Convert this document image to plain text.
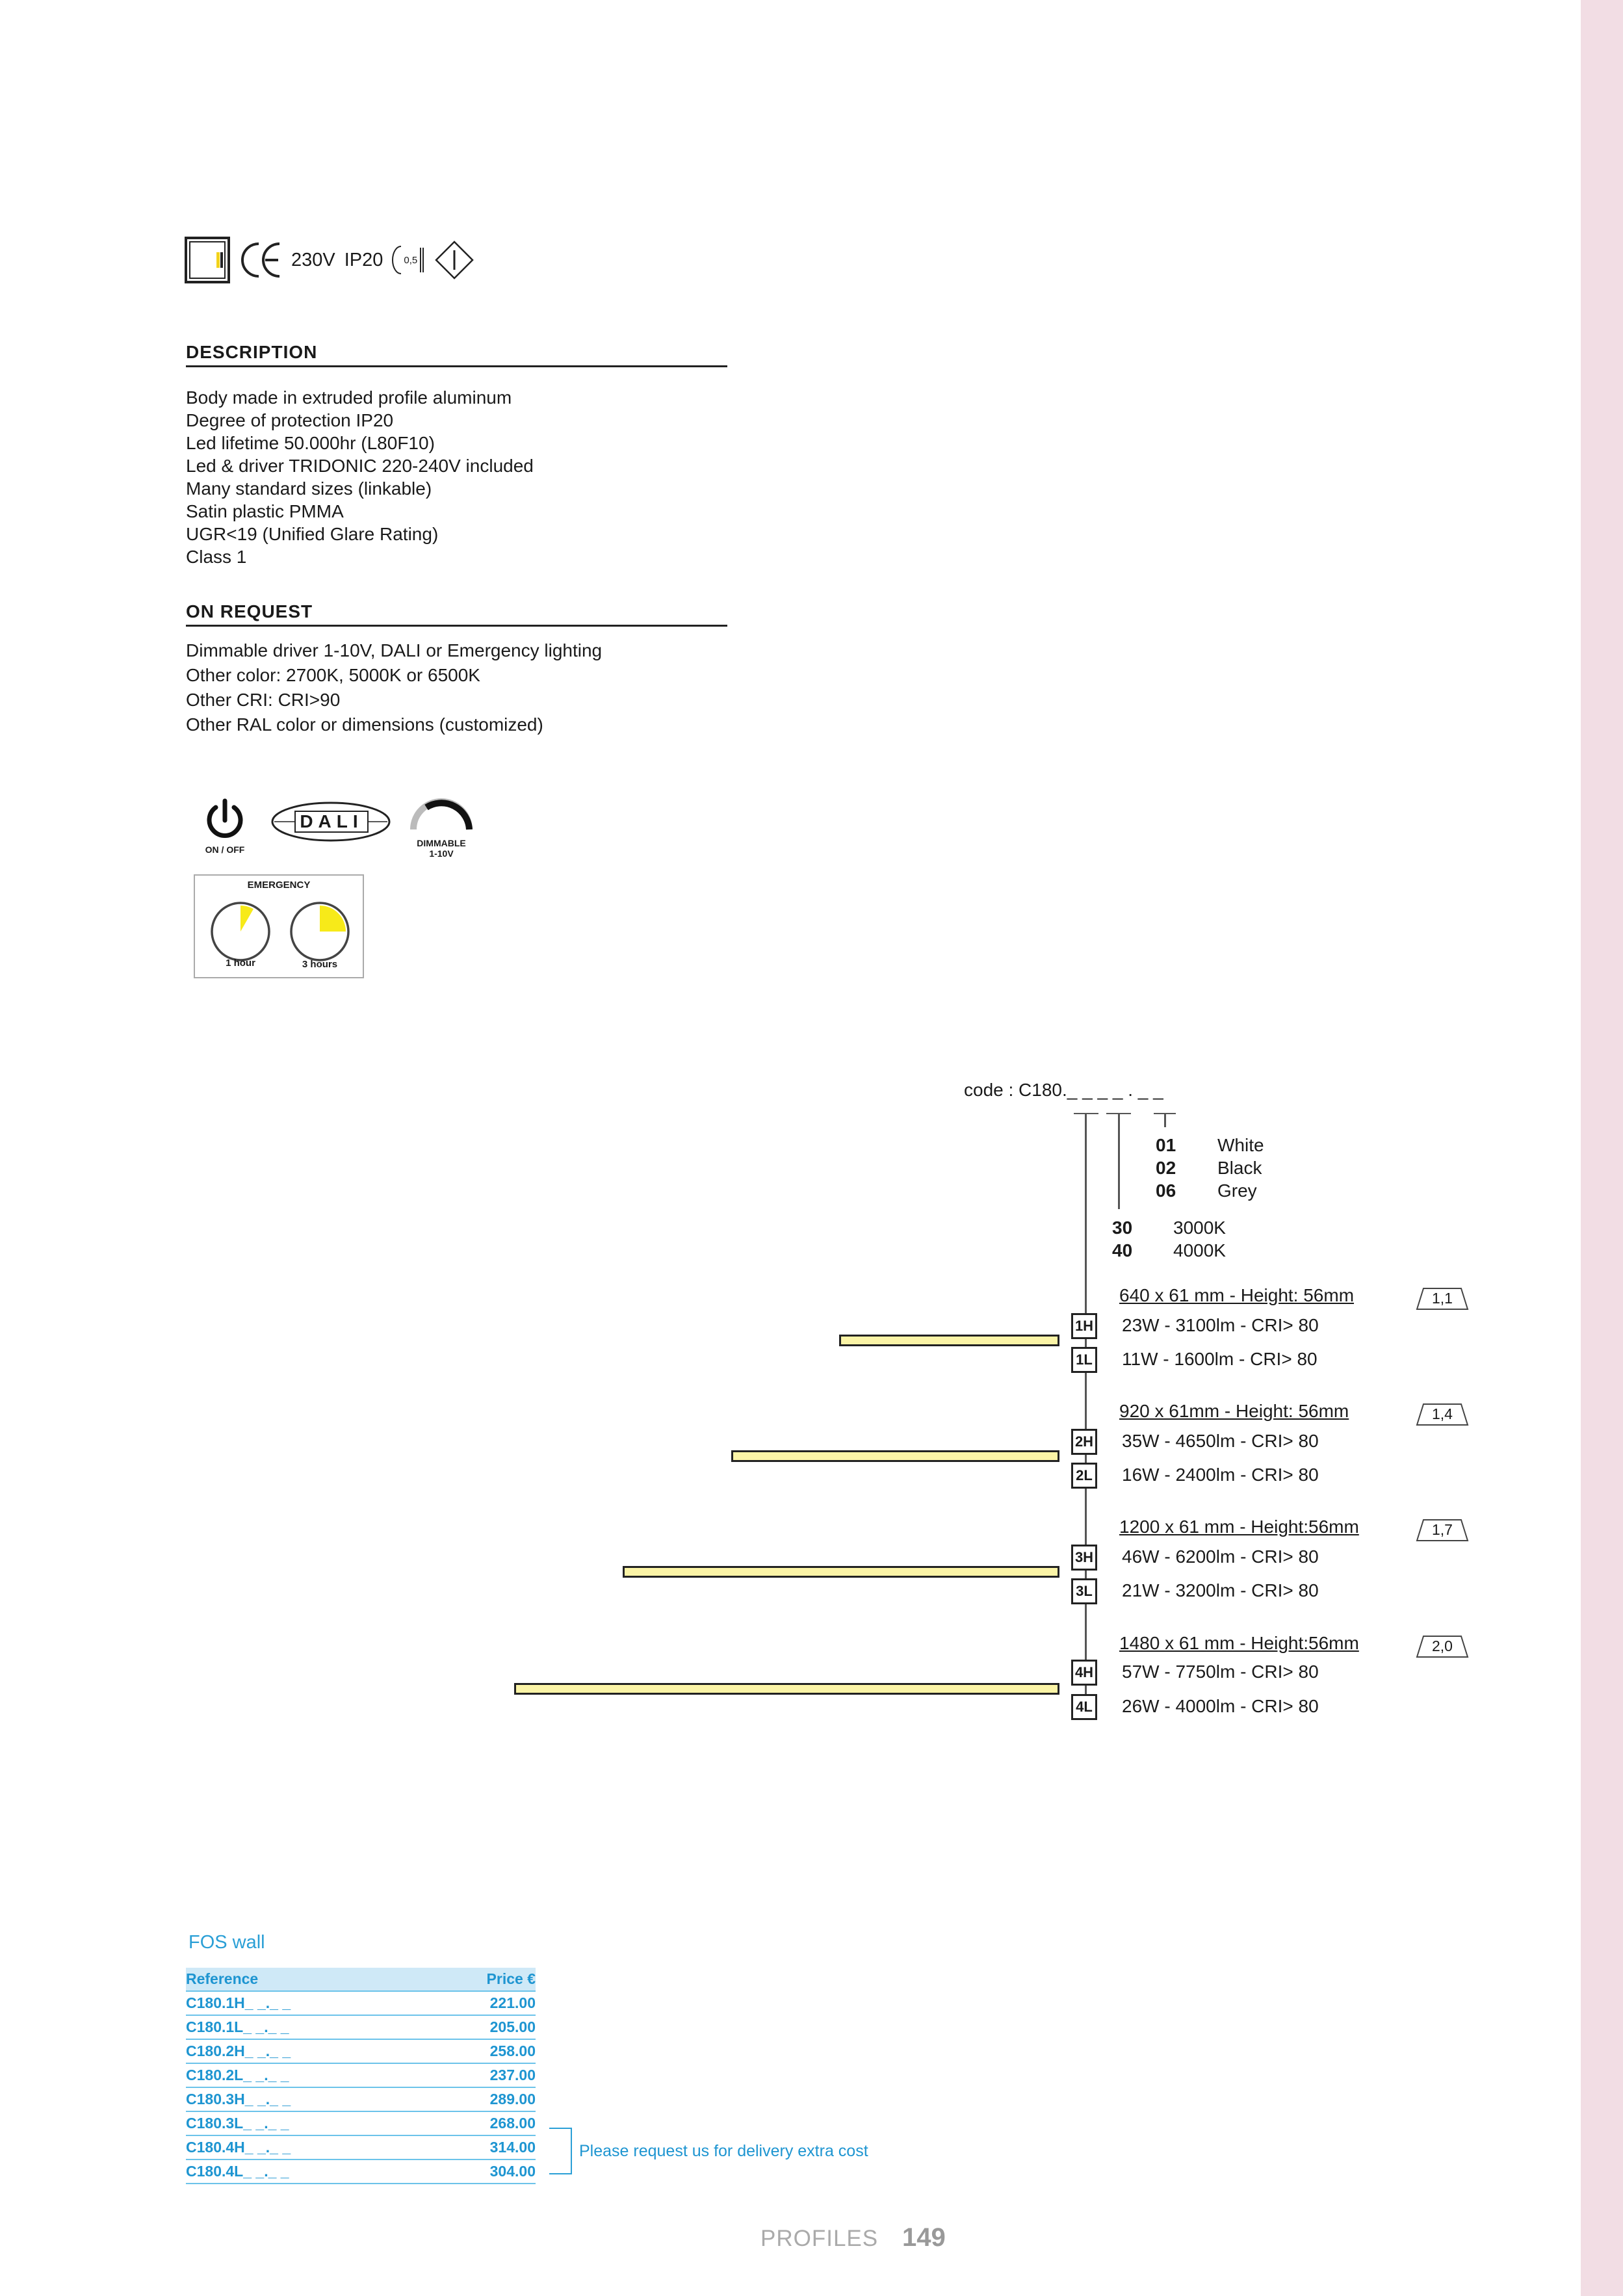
230V IP20 0,5
DESCRIPTION
Body made in extruded profile aluminum
Degree of protection IP20
Led lifetime 50.000hr (L80F10)
Led & driver TRIDONIC 220-240V included
Many standard sizes (linkable)
Satin plastic PMMA
UGR<19 (Unified Glare Rating)
Class 1
ON REQUEST
Dimmable driver 1-10V, DALI or Emergency lighting
Other color: 2700K, 5000K or 6500K
Other CRI: CRI>90
Other RAL color or dimensions (customized)
ON / OFF
DALI
DIMMABLE
1-10V
EMERGENCY
1 hour	3 hours
code : C180._ _ _ _ . _ _
01 White
02 Black
06 Grey
30 3000K
40 4000K
640 x 61 mm - Height: 56mm	1,1
1H 23W - 3100lm - CRI> 80
1L 11W - 1600lm - CRI> 80
920 x 61mm - Height: 56mm	1,4
2H 35W - 4650lm - CRI> 80
2L 16W - 2400lm - CRI> 80
1200 x 61 mm - Height:56mm	1,7
3H 46W - 6200lm - CRI> 80
3L 21W - 3200lm - CRI> 80
1480 x 61 mm - Height:56mm	2,0
4H 57W - 7750lm - CRI> 80
4L 26W - 4000lm - CRI> 80
FOS wall
Reference	Price €
C180.1H_ _._ _	221.00
C180.1L_ _._ _	205.00
C180.2H_ _._ _	258.00
C180.2L_ _._ _	237.00
C180.3H_ _._ _	289.00
C180.3L_ _._ _	268.00
C180.4H_ _._ _	314.00
C180.4L_ _._ _	304.00
Please request us for delivery extra cost
PROFILES 149
